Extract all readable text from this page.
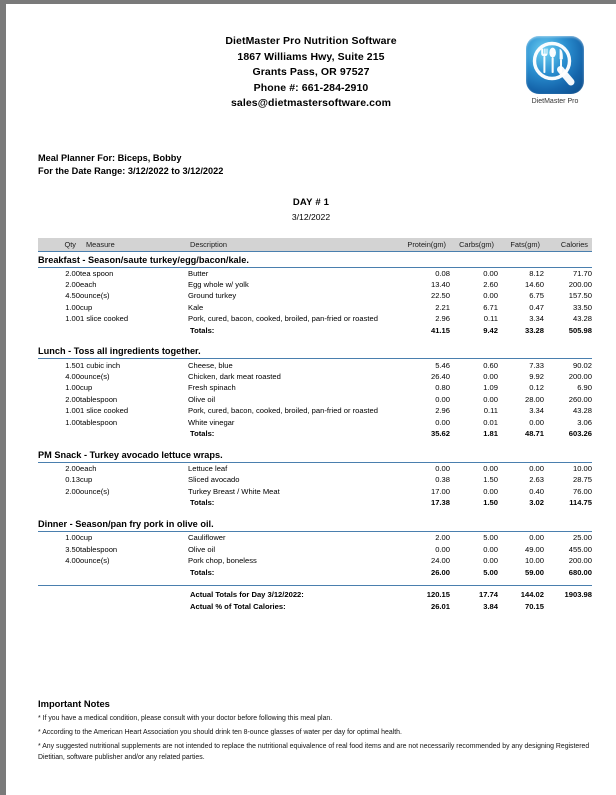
DietMaster Pro Nutrition Software
1867 Williams Hwy, Suite 215
Grants Pass, OR 97527
Phone #: 661-284-2910
sales@dietmastersoftware.com	DietMaster Pro
Meal Planner For: Biceps, Bobby
For the Date Range: 3/12/2022 to 3/12/2022
DAY # 1
3/12/2022
Qty	Measure	Description	Protein(gm)	Carbs(gm)	Fats(gm)	Calories
Breakfast - Season/saute turkey/egg/bacon/kale.						
2.00	tea spoon	Butter	0.08	0.00	8.12	71.70
2.00	each	Egg whole w/ yolk	13.40	2.60	14.60	200.00
4.50	ounce(s)	Ground turkey	22.50	0.00	6.75	157.50
1.00	cup	Kale	2.21	6.71	0.47	33.50
1.00	1 slice cooked	Pork, cured, bacon, cooked, broiled, pan-fried or roasted	2.96	0.11	3.34	43.28
		Totals:	41.15	9.42	33.28	505.98

Lunch - Toss all ingredients together.						
1.50	1 cubic inch	Cheese, blue	5.46	0.60	7.33	90.02
4.00	ounce(s)	Chicken, dark meat roasted	26.40	0.00	9.92	200.00
1.00	cup	Fresh spinach	0.80	1.09	0.12	6.90
2.00	tablespoon	Olive oil	0.00	0.00	28.00	260.00
1.00	1 slice cooked	Pork, cured, bacon, cooked, broiled, pan-fried or roasted	2.96	0.11	3.34	43.28
1.00	tablespoon	White vinegar	0.00	0.01	0.00	3.06
		Totals:	35.62	1.81	48.71	603.26

PM Snack - Turkey avocado lettuce wraps.						
2.00	each	Lettuce leaf	0.00	0.00	0.00	10.00
0.13	cup	Sliced avocado	0.38	1.50	2.63	28.75
2.00	ounce(s)	Turkey Breast / White Meat	17.00	0.00	0.40	76.00
		Totals:	17.38	1.50	3.02	114.75

Dinner - Season/pan fry pork in olive oil.						
1.00	cup	Cauliflower	2.00	5.00	0.00	25.00
3.50	tablespoon	Olive oil	0.00	0.00	49.00	455.00
4.00	ounce(s)	Pork chop, boneless	24.00	0.00	10.00	200.00
		Totals:	26.00	5.00	59.00	680.00

		Actual Totals for Day 3/12/2022:	120.15	17.74	144.02	1903.98
		Actual % of Total Calories:	26.01	3.84	70.15	
Important Notes

* If you have a medical condition, please consult with your doctor before following this meal plan.

* According to the American Heart Association you should drink ten 8-ounce glasses of water per day for optimal health.

* Any suggested nutritional supplements are not intended to replace the nutritional equivalence of real food items and are not necessarily recommended by any designing Registered Dietitian, software publisher and/or any related parties.
